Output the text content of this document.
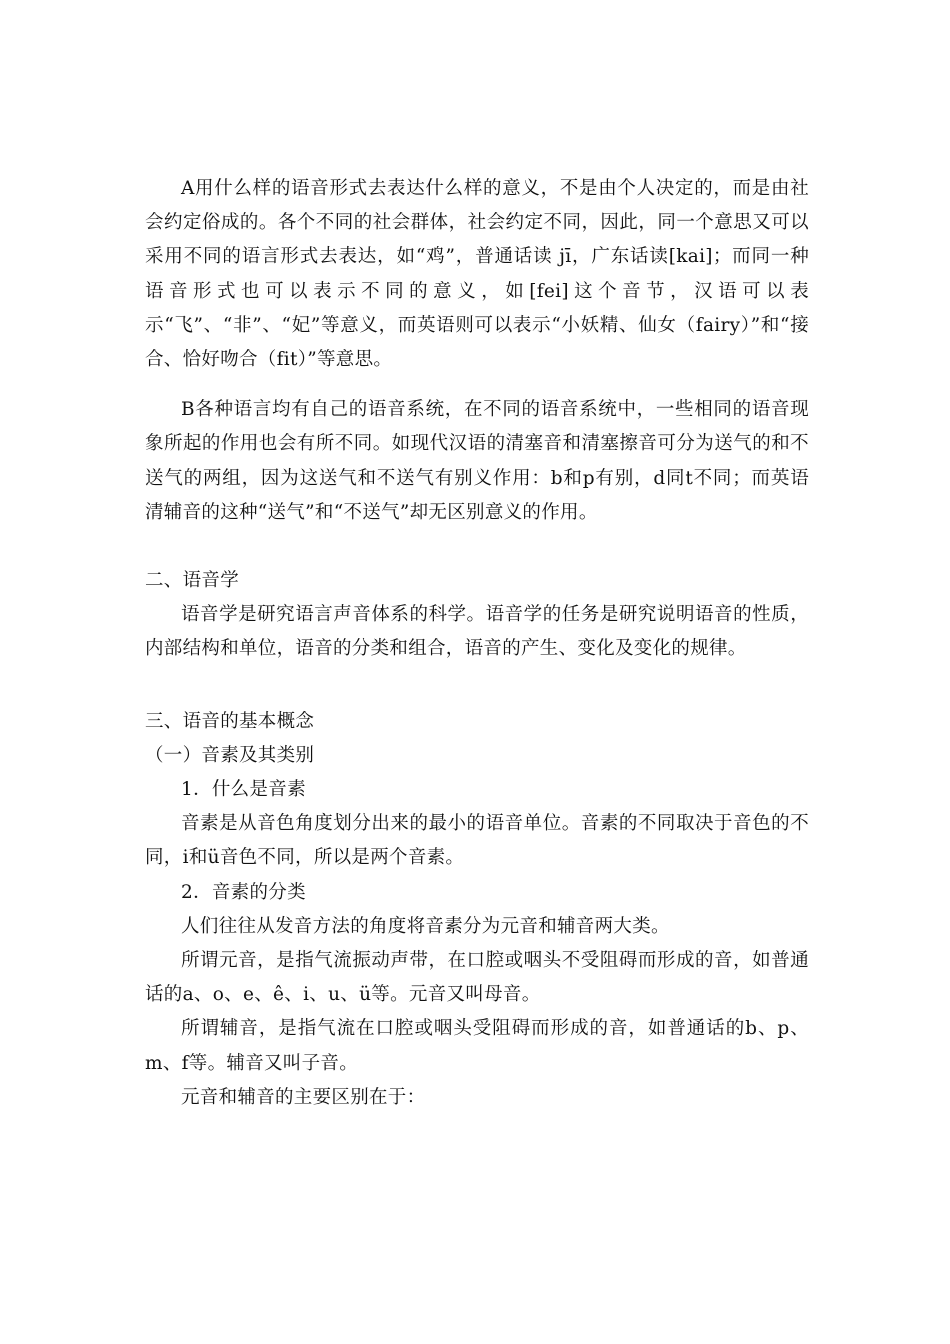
A用什么样的语音形式去表达什么样的意义，不是由个人决定的，而是由社会约定俗成的。各个不同的社会群体，社会约定不同，因此，同一个意思又可以采用不同的语言形式去表达，如“鸡”，普通话读 jī，广东话读[kai]；而同一种语音形式也可以表示不同的意义，如[fei]这个音节，汉语可以表示“飞”、“非”、“妃”等意义，而英语则可以表示“小妖精、仙女（fairy）”和“接合、恰好吻合（fit）”等意思。

B各种语言均有自己的语音系统，在不同的语音系统中，一些相同的语音现象所起的作用也会有所不同。如现代汉语的清塞音和清塞擦音可分为送气的和不送气的两组，因为这送气和不送气有别义作用：b和p有别，d同t不同；而英语清辅音的这种“送气”和“不送气”却无区别意义的作用。

二、语音学

语音学是研究语言声音体系的科学。语音学的任务是研究说明语音的性质，内部结构和单位，语音的分类和组合，语音的产生、变化及变化的规律。

三、语音的基本概念

（一）音素及其类别

1．什么是音素

音素是从音色角度划分出来的最小的语音单位。音素的不同取决于音色的不同，i和ü音色不同，所以是两个音素。

2．音素的分类

人们往往从发音方法的角度将音素分为元音和辅音两大类。

所谓元音，是指气流振动声带，在口腔或咽头不受阻碍而形成的音，如普通话的a、o、e、ê、i、u、ü等。元音又叫母音。

所谓辅音，是指气流在口腔或咽头受阻碍而形成的音，如普通话的b、p、m、f等。辅音又叫子音。

元音和辅音的主要区别在于：
